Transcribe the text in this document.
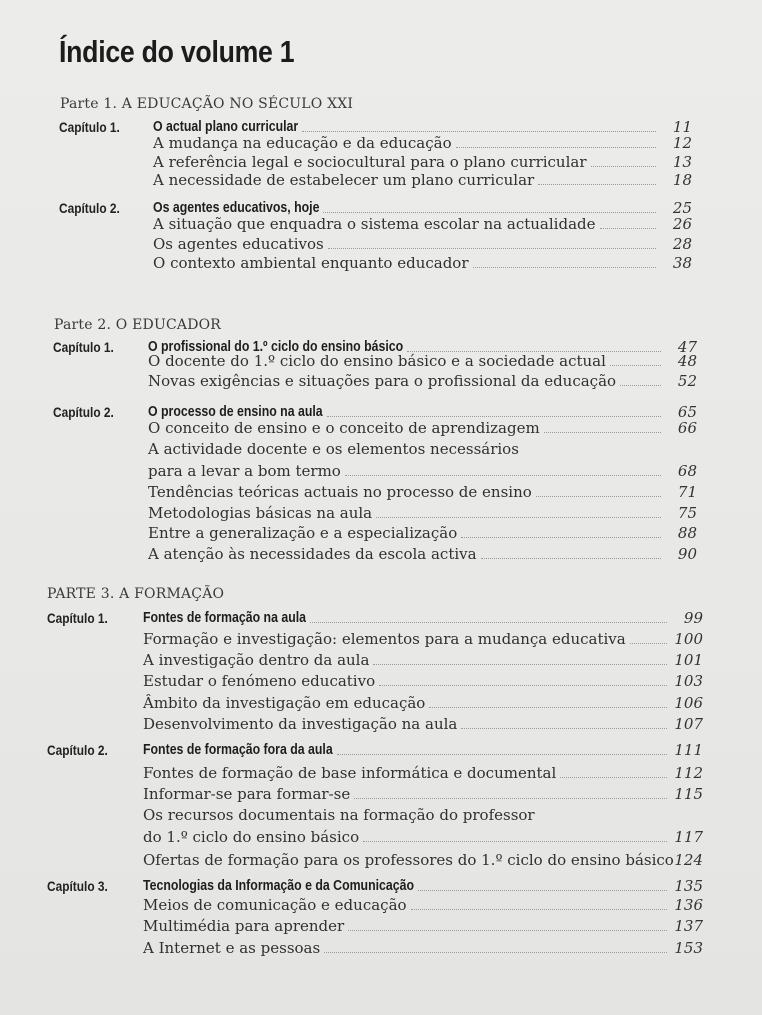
Índice do volume 1
Parte 1. A EDUCAÇÃO NO SÉCULO XXI
Capítulo 1. O actual plano curricular	11
A mudança na educação e da educação	12
A referência legal e sociocultural para o plano curricular	13
A necessidade de estabelecer um plano curricular	18
Capítulo 2. Os agentes educativos, hoje	25
A situação que enquadra o sistema escolar na actualidade	26
Os agentes educativos	28
O contexto ambiental enquanto educador	38
Parte 2. O EDUCADOR
Capítulo 1. O profissional do 1.º ciclo do ensino básico	47
O docente do 1.º ciclo do ensino básico e a sociedade actual	48
Novas exigências e situações para o profissional da educação	52
Capítulo 2. O processo de ensino na aula	65
O conceito de ensino e o conceito de aprendizagem	66
A actividade docente e os elementos necessários
para a levar a bom termo	68
Tendências teóricas actuais no processo de ensino	71
Metodologias básicas na aula	75
Entre a generalização e a especialização	88
A atenção às necessidades da escola activa	90
PARTE 3. A FORMAÇÃO
Capítulo 1. Fontes de formação na aula	99
Formação e investigação: elementos para a mudança educativa	100
A investigação dentro da aula	101
Estudar o fenómeno educativo	103
Âmbito da investigação em educação	106
Desenvolvimento da investigação na aula	107
Capítulo 2. Fontes de formação fora da aula	111
Fontes de formação de base informática e documental	112
Informar-se para formar-se	115
Os recursos documentais na formação do professor
do 1.º ciclo do ensino básico	117
Ofertas de formação para os professores do 1.º ciclo do ensino básico 124
Capítulo 3. Tecnologias da Informação e da Comunicação	135
Meios de comunicação e educação	136
Multimédia para aprender	137
A Internet e as pessoas	153
